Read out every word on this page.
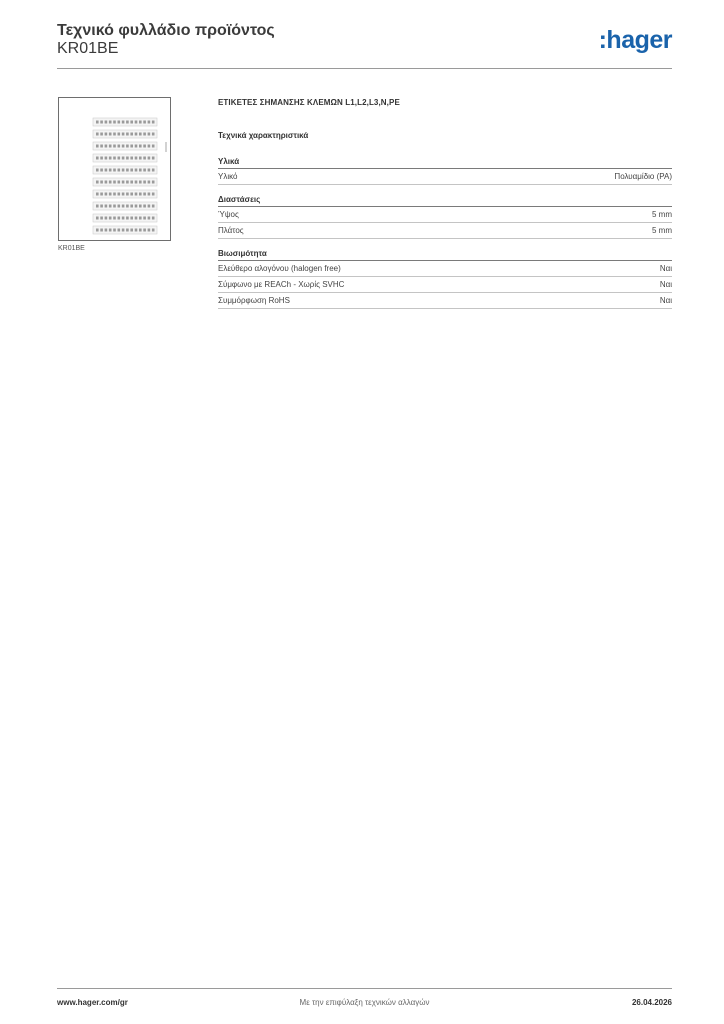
Τεχνικό φυλλάδιο προϊόντος
KR01BE	:hager
KR01BE
ΕΤΙΚΕΤΕΣ ΣΗΜΑΝΣΗΣ ΚΛΕΜΩΝ L1,L2,L3,N,PE
Τεχνικά χαρακτηριστικά
Υλικά
Υλικό	Πολυαμίδιο (PA)
Διαστάσεις
Ύψος	5 mm
Πλάτος	5 mm
Βιωσιμότητα
Ελεύθερο αλογόνου (halogen free)	Ναι
Σύμφωνο με REACh - Χωρίς SVHC	Ναι
Συμμόρφωση RoHS	Ναι
www.hager.com/gr	Με την επιφύλαξη τεχνικών αλλαγών	26.04.2026
